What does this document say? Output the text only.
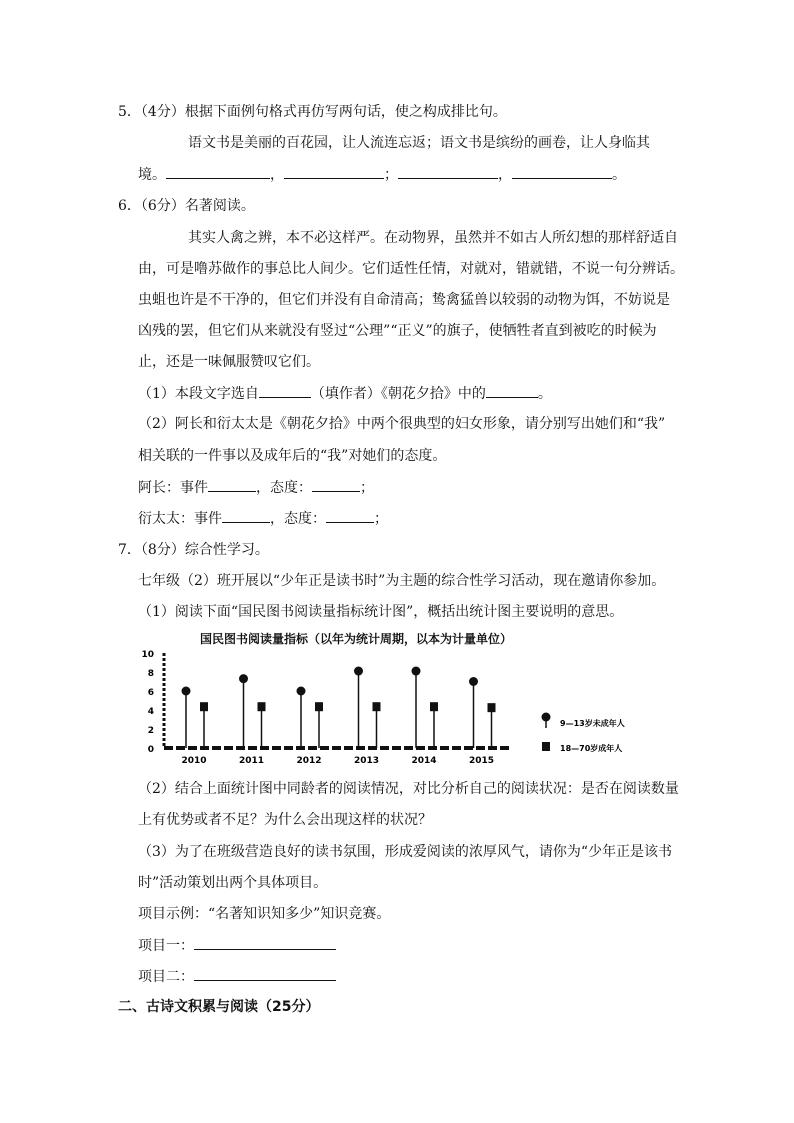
5．（4分）根据下面例句格式再仿写两句话，使之构成排比句。
语文书是美丽的百花园，让人流连忘返；语文书是缤纷的画卷，让人身临其
境。	，	；	，	。
6．（6分）名著阅读。
其实人禽之辨，本不必这样严。在动物界，虽然并不如古人所幻想的那样舒适自
由，可是噜苏做作的事总比人间少。它们适性任情，对就对，错就错，不说一句分辨话。
虫蛆也许是不干净的，但它们并没有自命清高；鸷禽猛兽以较弱的动物为饵，不妨说是
凶残的罢，但它们从来就没有竖过“公理”“正义”的旗子，使牺牲者直到被吃的时候为
止，还是一味佩服赞叹它们。
（1）本段文字选自	（填作者）《朝花夕拾》中的	。
（2）阿长和衍太太是《朝花夕拾》中两个很典型的妇女形象，请分别写出她们和“我”
相关联的一件事以及成年后的“我”对她们的态度。
阿长：事件	，态度：	；
衍太太：事件	，态度：	；
7．（8分）综合性学习。
七年级（2）班开展以“少年正是读书时”为主题的综合性学习活动，现在邀请你参加。
（1）阅读下面“国民图书阅读量指标统计图”，概括出统计图主要说明的意思。
国民图书阅读量指标（以年为统计周期，以本为计量单位）
0
2
4
6
8
10
2010	2011	2012	2013	2014	2015
9—13岁未成年人
18—70岁成年人
（2）结合上面统计图中同龄者的阅读情况，对比分析自己的阅读状况：是否在阅读数量
上有优势或者不足？为什么会出现这样的状况？
（3）为了在班级营造良好的读书氛围，形成爱阅读的浓厚风气，请你为“少年正是该书
时”活动策划出两个具体项目。
项目示例：“名著知识知多少”知识竞赛。
项目一：
项目二：
二、古诗文积累与阅读（25分）
